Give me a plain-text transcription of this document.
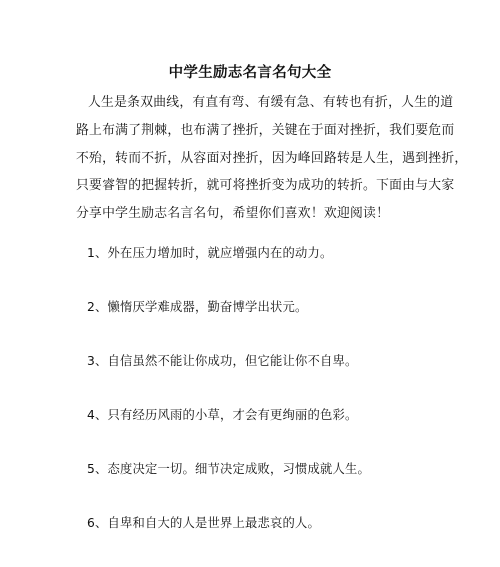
中学生励志名言名句大全
人生是条双曲线，有直有弯、有缓有急、有转也有折，人生的道
路上布满了荆棘，也布满了挫折，关键在于面对挫折，我们要危而
不殆，转而不折，从容面对挫折，因为峰回路转是人生，遇到挫折，
只要睿智的把握转折，就可将挫折变为成功的转折。下面由与大家
分享中学生励志名言名句，希望你们喜欢！欢迎阅读！
1、外在压力增加时，就应增强内在的动力。
2、懒惰厌学难成器，勤奋博学出状元。
3、自信虽然不能让你成功，但它能让你不自卑。
4、只有经历风雨的小草，才会有更绚丽的色彩。
5、态度决定一切。细节决定成败，习惯成就人生。
6、自卑和自大的人是世界上最悲哀的人。
